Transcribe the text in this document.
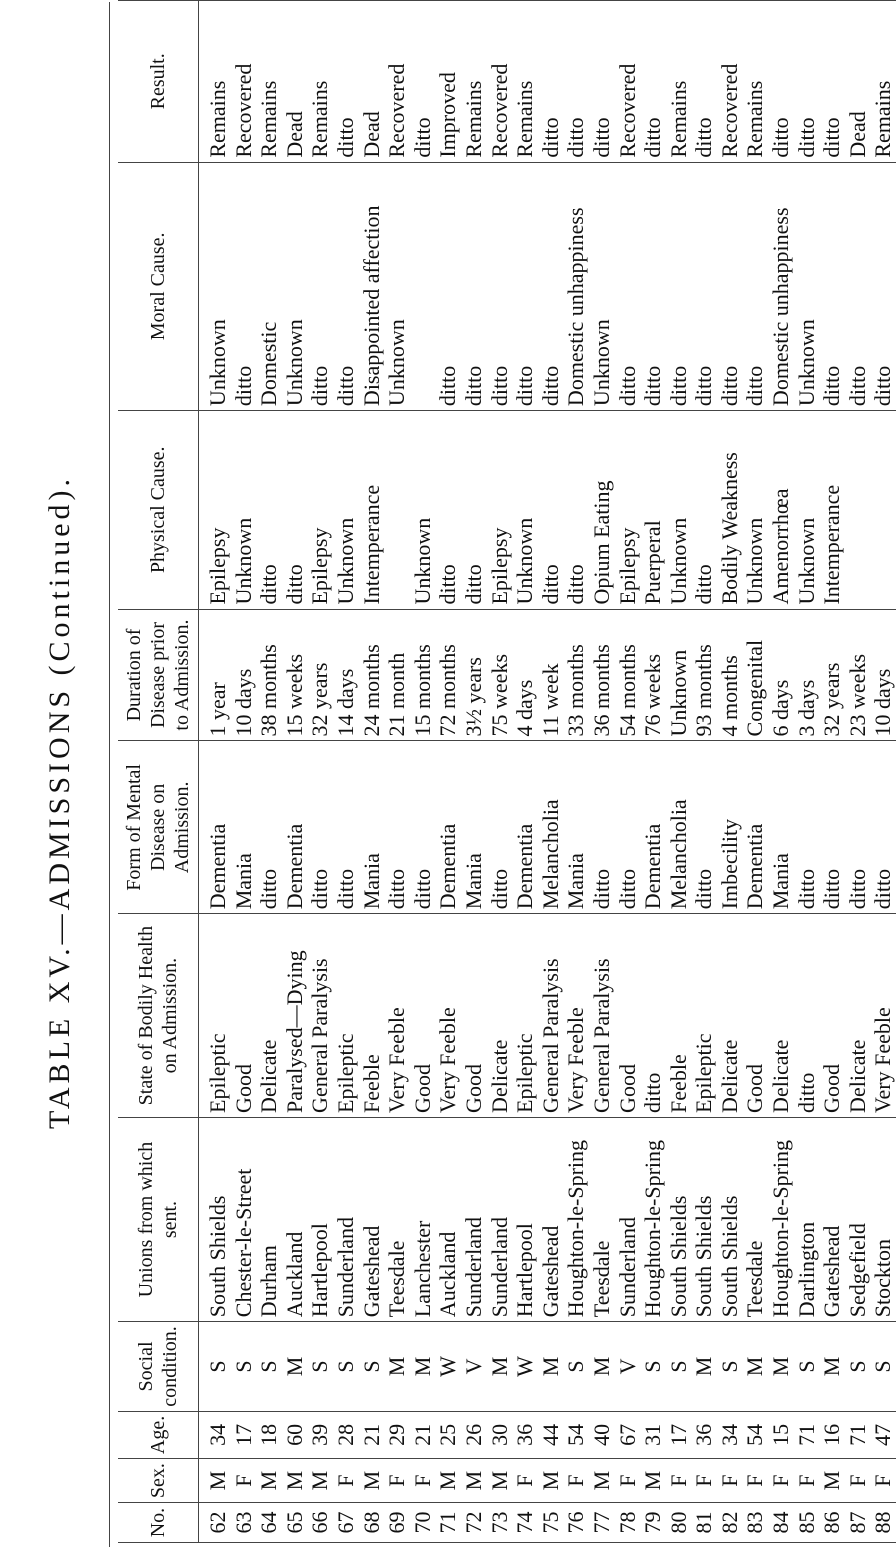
TABLE XV.—ADMISSIONS (Continued).
No.	Sex.	Age.	Social condition.	Unions from which sent.	State of Bodily Health on Admission.	Form of Mental Disease on Admission.	Duration of Disease prior to Admission.	Physical Cause.	Moral Cause.	Result.
62	M	34	S	South Shields	Epileptic	Dementia	1 year	Epilepsy	Unknown	Remains
63	F	17	S	Chester-le-Street	Good	Mania	10 days	Unknown	ditto	Recovered
64	M	18	S	Durham	Delicate	ditto	38 months	ditto	Domestic	Remains
65	M	60	M	Auckland	Paralysed—Dying	Dementia	15 weeks	ditto	Unknown	Dead
66	M	39	S	Hartlepool	General Paralysis	ditto	32 years	Epilepsy	ditto	Remains
67	F	28	S	Sunderland	Epileptic	ditto	14 days	Unknown	ditto	ditto
68	M	21	S	Gateshead	Feeble	Mania	24 months	Intemperance	Disappointed affection	Dead
69	F	29	M	Teesdale	Very Feeble	ditto	21 month		Unknown	Recovered
70	F	21	M	Lanchester	Good	ditto	15 months	Unknown		ditto
71	M	25	W	Auckland	Very Feeble	Dementia	72 months	ditto	ditto	Improved
72	M	26	V	Sunderland	Good	Mania	3½ years	ditto	ditto	Remains
73	M	30	M	Sunderland	Delicate	ditto	75 weeks	Epilepsy	ditto	Recovered
74	F	36	W	Hartlepool	Epileptic	Dementia	4 days	Unknown	ditto	Remains
75	M	44	M	Gateshead	General Paralysis	Melancholia	11 week	ditto	ditto	ditto
76	F	54	S	Houghton-le-Spring	Very Feeble	Mania	33 months	ditto	Domestic unhappiness	ditto
77	M	40	M	Teesdale	General Paralysis	ditto	36 months	Opium Eating	Unknown	ditto
78	F	67	V	Sunderland	Good	ditto	54 months	Epilepsy	ditto	Recovered
79	M	31	S	Houghton-le-Spring	ditto	Dementia	76 weeks	Puerperal	ditto	ditto
80	F	17	S	South Shields	Feeble	Melancholia	Unknown	Unknown	ditto	Remains
81	F	36	M	South Shields	Epileptic	ditto	93 months	ditto	ditto	ditto
82	F	34	S	South Shields	Delicate	Imbecility	4 months	Bodily Weakness	ditto	Recovered
83	F	54	M	Teesdale	Good	Dementia	Congenital	Unknown	ditto	Remains
84	F	15	M	Houghton-le-Spring	Delicate	Mania	6 days	Amenorrhœa	Domestic unhappiness	ditto
85	F	71	S	Darlington	ditto	ditto	3 days	Unknown	Unknown	ditto
86	M	16	M	Gateshead	Good	ditto	32 years	Intemperance	ditto	ditto
87	F	71	S	Sedgefield	Delicate	ditto	23 weeks		ditto	Dead
88	F	47	S	Stockton	Very Feeble	ditto	10 days		ditto	Remains
